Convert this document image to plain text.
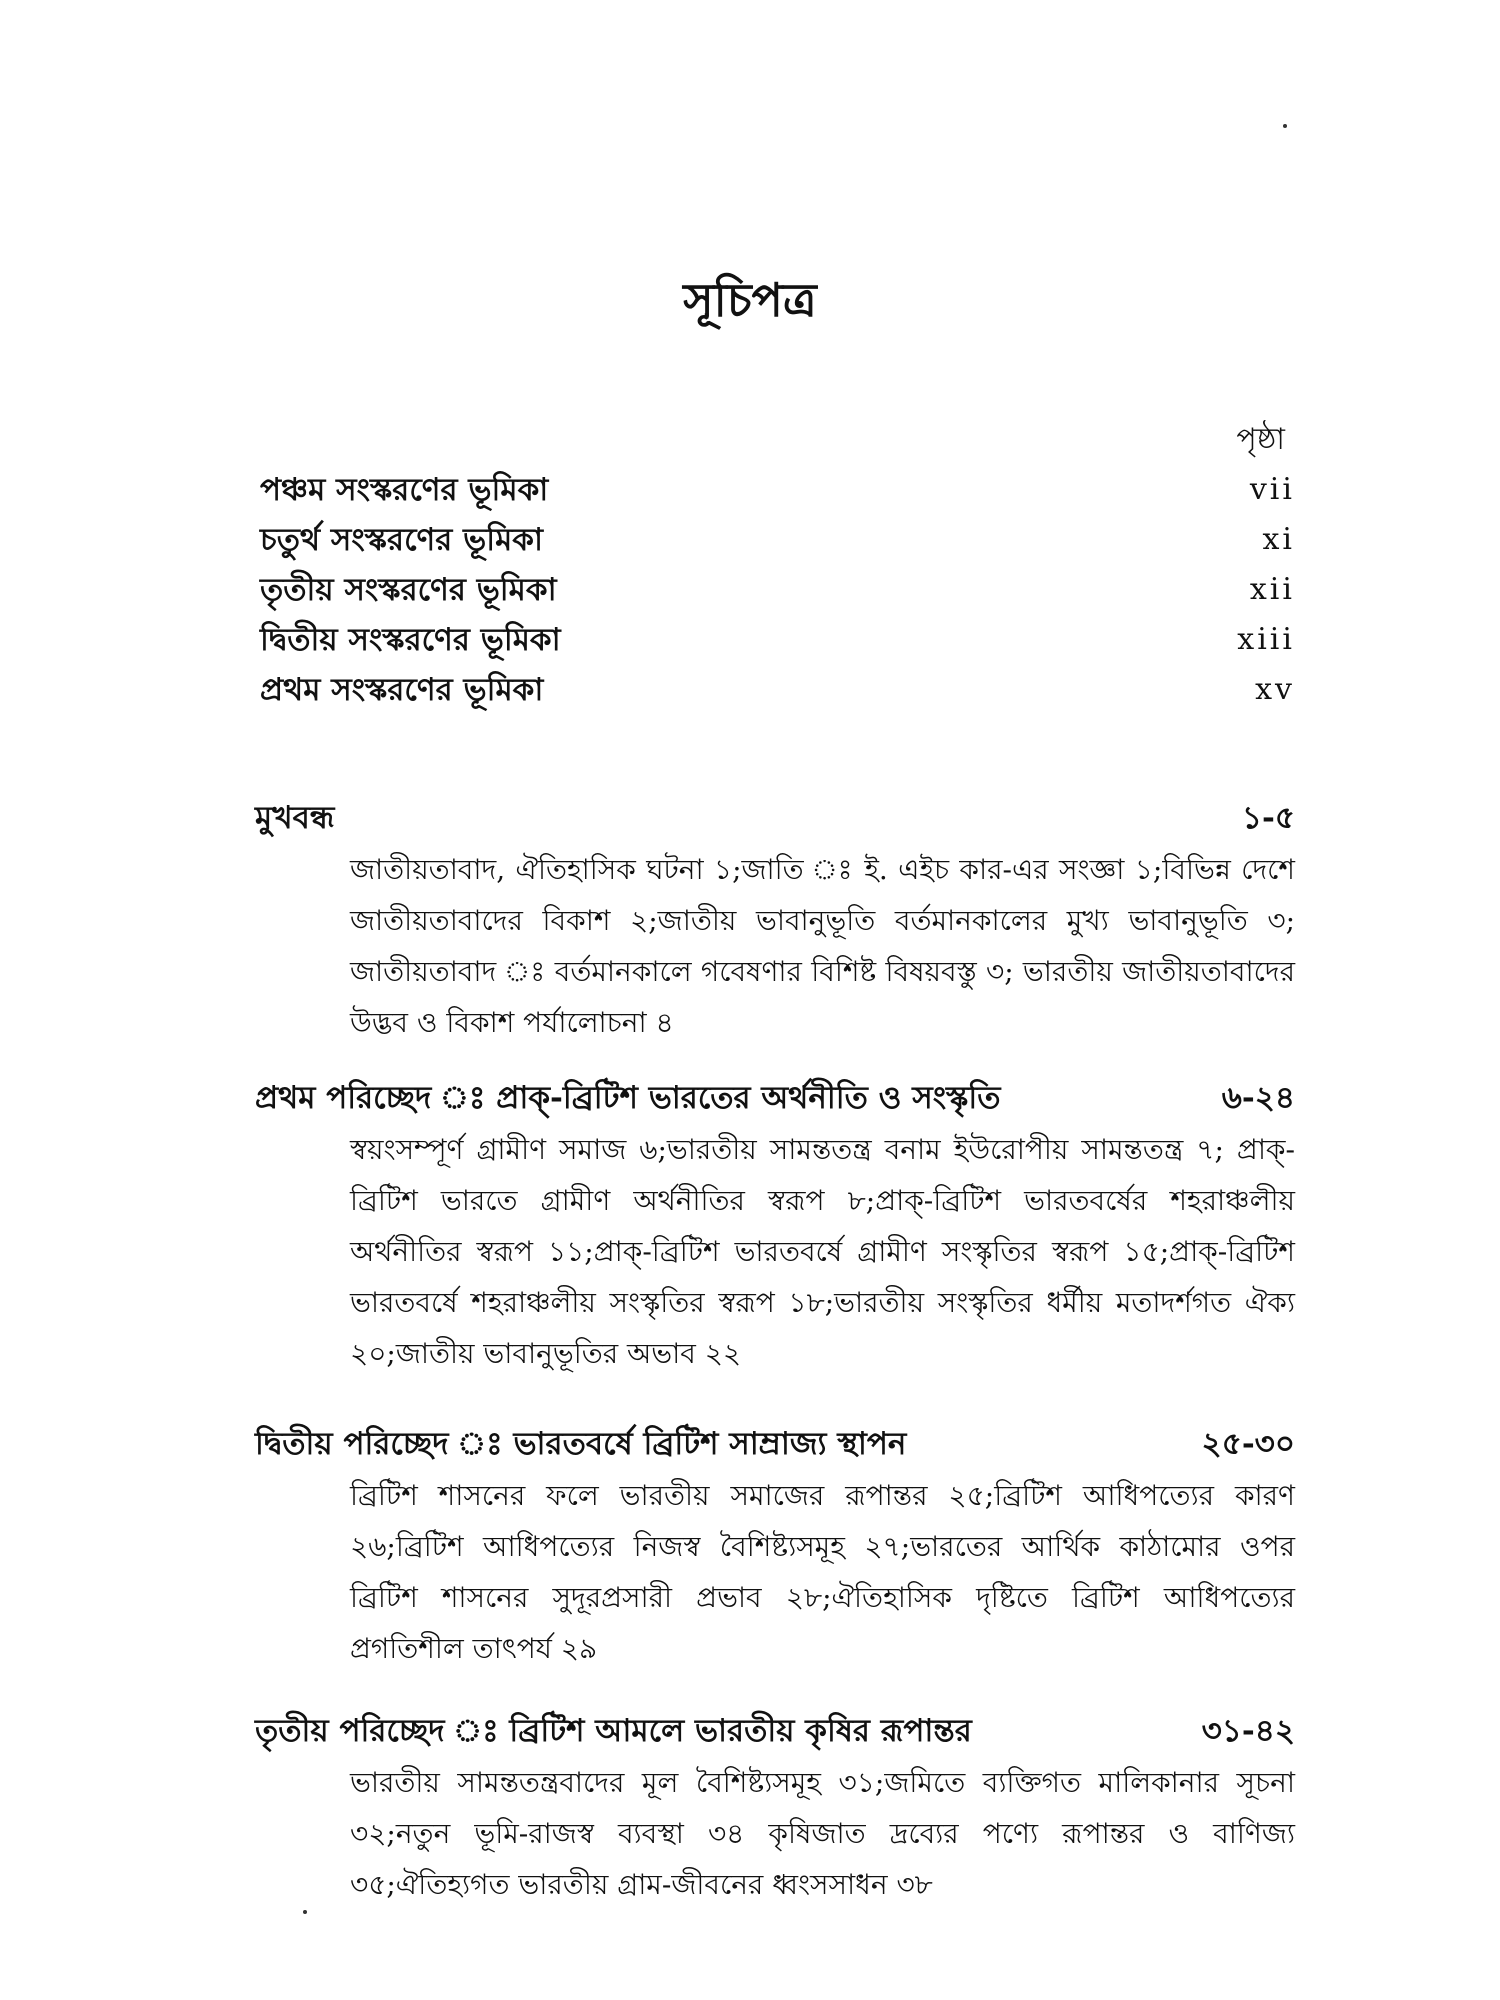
সূচিপত্র
পৃষ্ঠা
পঞ্চম সংস্করণের ভূমিকা	vii
চতুর্থ সংস্করণের ভূমিকা	xi
তৃতীয় সংস্করণের ভূমিকা	xii
দ্বিতীয় সংস্করণের ভূমিকা	xiii
প্রথম সংস্করণের ভূমিকা	xv
মুখবন্ধ	১-৫
জাতীয়তাবাদ, ঐতিহাসিক ঘটনা ১;জাতি ঃ ই. এইচ কার-এর সংজ্ঞা ১;বিভিন্ন দেশে জাতীয়তাবাদের বিকাশ ২;জাতীয় ভাবানুভূতি বর্তমানকালের মুখ্য ভাবানুভূতি ৩; জাতীয়তাবাদ ঃ বর্তমানকালে গবেষণার বিশিষ্ট বিষয়বস্তু ৩; ভারতীয় জাতীয়তাবাদের উদ্ভব ও বিকাশ পর্যালোচনা ৪
প্রথম পরিচ্ছেদ ঃ প্রাক্‌-ব্রিটিশ ভারতের অর্থনীতি ও সংস্কৃতি	৬-২৪
স্বয়ংসম্পূর্ণ গ্রামীণ সমাজ ৬;ভারতীয় সামন্ততন্ত্র বনাম ইউরোপীয় সামন্ততন্ত্র ৭; প্রাক্‌-ব্রিটিশ ভারতে গ্রামীণ অর্থনীতির স্বরূপ ৮;প্রাক্‌-ব্রিটিশ ভারতবর্ষের শহরাঞ্চলীয় অর্থনীতির স্বরূপ ১১;প্রাক্‌-ব্রিটিশ ভারতবর্ষে গ্রামীণ সংস্কৃতির স্বরূপ ১৫;প্রাক্‌-ব্রিটিশ ভারতবর্ষে শহরাঞ্চলীয় সংস্কৃতির স্বরূপ ১৮;ভারতীয় সংস্কৃতির ধর্মীয় মতাদর্শগত ঐক্য ২০;জাতীয় ভাবানুভূতির অভাব ২২
দ্বিতীয় পরিচ্ছেদ ঃ ভারতবর্ষে ব্রিটিশ সাম্রাজ্য স্থাপন	২৫-৩০
ব্রিটিশ শাসনের ফলে ভারতীয় সমাজের রূপান্তর ২৫;ব্রিটিশ আধিপত্যের কারণ ২৬;ব্রিটিশ আধিপত্যের নিজস্ব বৈশিষ্ট্যসমূহ ২৭;ভারতের আর্থিক কাঠামোর ওপর ব্রিটিশ শাসনের সুদূরপ্রসারী প্রভাব ২৮;ঐতিহাসিক দৃষ্টিতে ব্রিটিশ আধিপত্যের প্রগতিশীল তাৎপর্য ২৯
তৃতীয় পরিচ্ছেদ ঃ ব্রিটিশ আমলে ভারতীয় কৃষির রূপান্তর	৩১-৪২
ভারতীয় সামন্ততন্ত্রবাদের মূল বৈশিষ্ট্যসমূহ ৩১;জমিতে ব্যক্তিগত মালিকানার সূচনা ৩২;নতুন ভূমি-রাজস্ব ব্যবস্থা ৩৪ কৃষিজাত দ্রব্যের পণ্যে রূপান্তর ও বাণিজ্য ৩৫;ঐতিহ্যগত ভারতীয় গ্রাম-জীবনের ধ্বংসসাধন ৩৮
